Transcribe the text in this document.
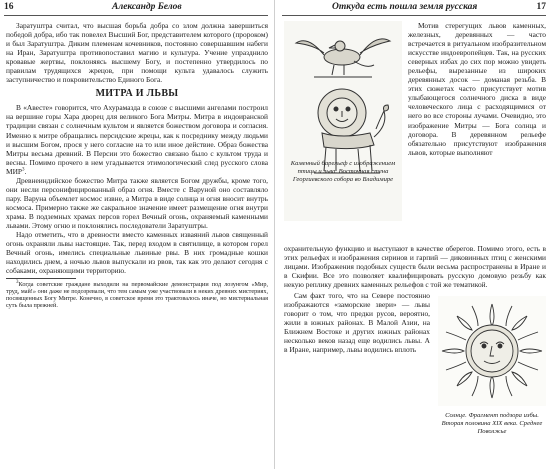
16	Александр Белов

Заратуштра считал, что высшая борьба добра со злом должна завершиться победой добра, ибо так повелел Высший Бог, представителем которого (пророком) и был Заратуштра. Диким племенам кочевников, постоянно совершавшим набеги на Иран, Заратуштра противопоставил магию и культура. Учение упразднило кровавые жертвы, поклоняясь высшему Богу, и постепенно утвердилось по правилам трудящихся жрецов, при помощи культа удавалось служить заступничество и покровительство Единого Бога.

МИТРА И ЛЬВЫ

В «Авесте» говорится, что Ахурамазда в союзе с высшими ангелами построил на вершине горы Хара дворец для великого Бога Митры. Митра в индоиранской традиции связан с солнечным культом и является божеством договора и согласия. Именно к митре обращались персидские жрецы, как к посреднику между людьми и высшим Богом, прося у него согласие на то или иное действие. Образ божества Митры весьма древний. В Персии это божество связано было с культом труда и весны. Помимо прочего в нем угадывается этимологический след русского слова МИР$^3$.

Древнеиндийское божество Митра также является Богом дружбы, кроме того, они несли персонифицированный образ огня. Вместе с Варуной оно составляло пару. Варуна объемлет космос извне, а Митра в виде солнца и огня вносит внутрь космоса. Примерно также же сакральное значение имеет размещение огня внутри храма. В подземных храмах персов горел Вечный огонь, охраняемый каменными львами. Этому огню и поклонялись последователи Заратуштры.

Надо отметить, что в древности вместо каменных изваяний львов священный огонь охраняли львы настоящие. Так, перед входом в святилище, в котором горел Вечный огонь, имелись специальные львиные рвы. В них громадные кошки находились днем, а ночью львов выпускали из рвов, так как это делают сегодня с собаками, охраняющими территорию.

$^3$Когда советские граждане выходили на первомайские демонстрации под лозунгом «Мир, труд, май!» они даже не подозревали, что тем самым уже участвовали в неких древних мистериях, посвященных Богу Митре. Конечно, в советское время это трактовалось иначе, но мистериальная суть была прежней.

Откуда есть пошла земля русская	17
Каменный барельеф с изображением птицы и льва. Восточная стена Георгиевского собора во Владимире

Мотив стерегущих львов каменных, железных, деревянных — часто встречается в ритуальном изобразительном искусстве индоевропейцев. Так, на русских северных избах до сих пор можно увидеть рельефы, вырезанные из широких деревянных досок — доманая резьба. В этих сюжетах часто присутствует мотив улыбающегося солнечного диска в виде человеческого лица с расходящимися от него во все стороны лучами. Очевидно, это изображение Митры — Бога солнца и договора. В деревянном рельефе обязательно присутствуют изображения львов, которые выполняют

охранительную функцию и выступают в качестве оберегов. Помимо этого, есть в этих рельефах и изображения сиринов и гарпий — диковинных птиц с женскими лицами. Изображения подобных существ были весьма распространены в Иране и в Скифии. Все это позволяет квалифицировать русскую домовую резьбу как некую реплику древних каменных рельефов с той же тематикой.

Сам факт того, что на Севере постоянно изображаются «заморские звери» — львы говорит о том, что предки русов, вероятно, жили в южных районах. В Малой Азии, на Ближнем Востоке и других южных районах несколько веков назад еще водились львы. А в Иране, например, львы водились вплоть

Солнце. Фрагмент подзора избы. Вторая половина XIX века. Среднее Поволжье
